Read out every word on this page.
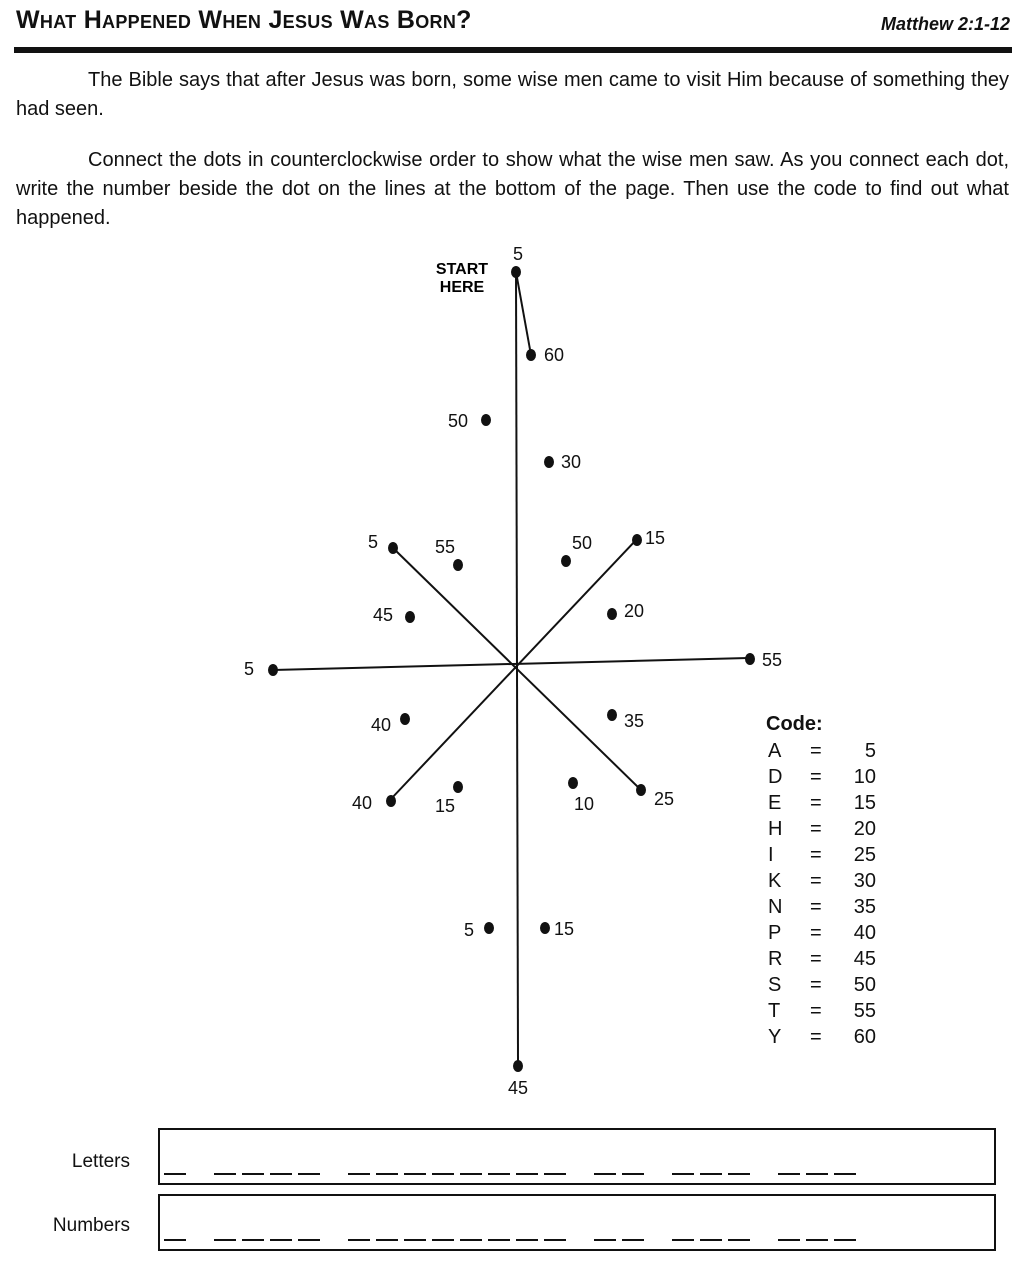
What Happened When Jesus Was Born?	Matthew 2:1-12
The Bible says that after Jesus was born, some wise men came to visit Him because of something they had seen.
Connect the dots in counterclockwise order to show what the wise men saw. As you connect each dot, write the number beside the dot on the lines at the bottom of the page. Then use the code to find out what happened.
START
HERE
5
60
50
30
5	55	50	15
45	20
5	55
40	35
40	15	10	25
5	15
45
Code:
A = 5
D = 10
E = 15
H = 20
I = 25
K = 30
N = 35
P = 40
R = 45
S = 50
T = 55
Y = 60
Letters
Numbers
